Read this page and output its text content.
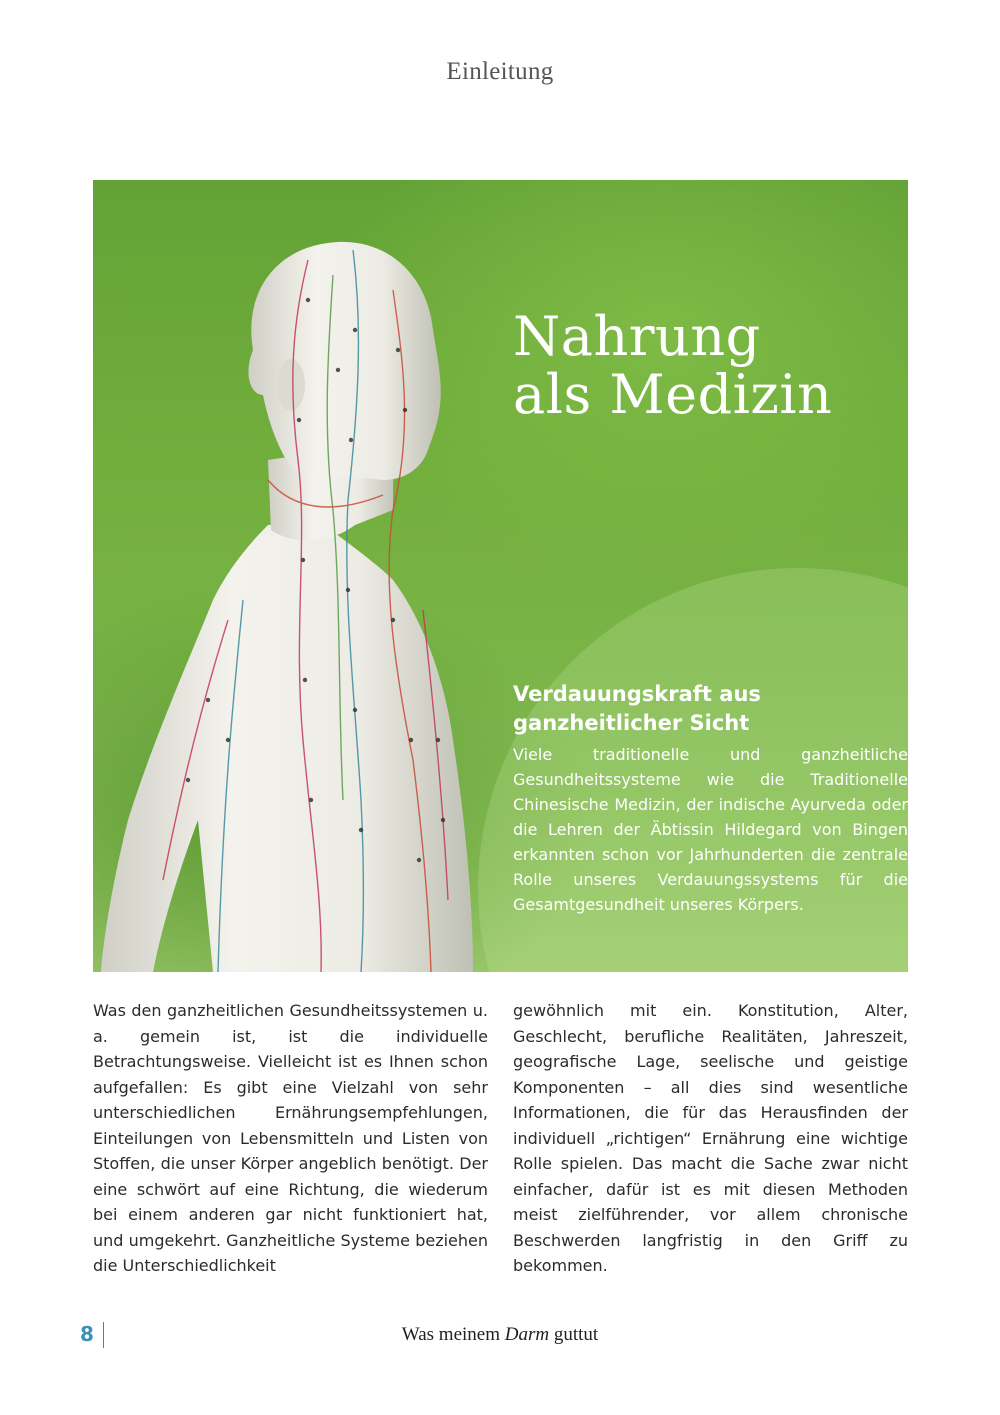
Einleitung
Nahrung
als Medizin
Verdauungskraft aus
ganzheitlicher Sicht

Viele traditionelle und ganzheitliche Gesundheitssysteme wie die Traditionelle Chinesische Medizin, der indische Ayurveda oder die Lehren der Äbtissin Hildegard von Bingen erkannten schon vor Jahrhunderten die zentrale Rolle unseres Verdauungssystems für die Gesamtgesundheit unseres Körpers.

Was den ganzheitlichen Gesundheitssystemen u. a. gemein ist, ist die individuelle Betrachtungsweise. Vielleicht ist es Ihnen schon aufgefallen: Es gibt eine Vielzahl von sehr unterschiedlichen Ernährungsempfehlungen, Einteilungen von Lebensmitteln und Listen von Stoffen, die unser Körper angeblich benötigt. Der eine schwört auf eine Richtung, die wiederum bei einem anderen gar nicht funktioniert hat, und umgekehrt. Ganzheitliche Systeme beziehen die Unterschiedlichkeit

gewöhnlich mit ein. Konstitution, Alter, Geschlecht, berufliche Realitäten, Jahreszeit, geografische Lage, seelische und geistige Komponenten – all dies sind wesentliche Informationen, die für das Herausfinden der individuell „richtigen“ Ernährung eine wichtige Rolle spielen. Das macht die Sache zwar nicht einfacher, dafür ist es mit diesen Methoden meist zielführender, vor allem chronische Beschwerden langfristig in den Griff zu bekommen.

8	Was meinem Darm guttut
